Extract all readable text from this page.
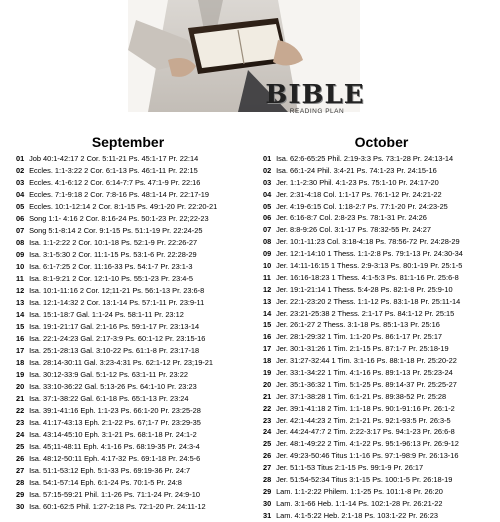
BIBLE
READING PLAN
September
01 Job 40:1-42:17 2 Cor. 5:11-21 Ps. 45:1-17 Pr. 22:14
02 Eccles. 1:1-3:22 2 Cor. 6:1-13 Ps. 46:1-11 Pr. 22:15
03 Eccles. 4:1-6:12 2 Cor. 6:14-7:7 Ps. 47:1-9 Pr. 22:16
04 Eccles. 7:1-9:18 2 Cor. 7:8-16 Ps. 48:1-14 Pr. 22:17-19
05 Eccles. 10:1-12:14 2 Cor. 8:1-15 Ps. 49:1-20 Pr. 22:20-21
06 Song 1:1- 4:16 2 Cor. 8:16-24 Ps. 50:1-23 Pr. 22;22-23
07 Song 5:1-8:14 2 Cor. 9:1-15 Ps. 51:1-19 Pr. 22:24-25
08 Isa. 1:1-2:22 2 Cor. 10:1-18 Ps. 52:1-9 Pr. 22:26-27
09 Isa. 3:1-5:30 2 Cor. 11:1-15 Ps. 53:1-6 Pr. 22:28-29
10 Isa. 6:1-7:25 2 Cor. 11:16-33 Ps. 54:1-7 Pr. 23:1-3
11 Isa. 8:1-9:21 2 Cor. 12:1-10 Ps. 55:1-23 Pr. 23:4-5
12 Isa. 10:1-11:16 2 Cor. 12;11-21 Ps. 56:1-13 Pr. 23:6-8
13 Isa. 12:1-14:32 2 Cor. 13:1-14 Ps. 57:1-11 Pr. 23:9-11
14 Isa. 15:1-18:7 Gal. 1:1-24 Ps. 58:1-11 Pr. 23:12
15 Isa. 19:1-21:17 Gal. 2:1-16 Ps. 59:1-17 Pr. 23:13-14
16 Isa. 22:1-24:23 Gal. 2:17-3:9 Ps. 60:1-12 Pr. 23:15-16
17 Isa. 25:1-28:13 Gal. 3:10-22 Ps. 61:1-8 Pr. 23:17-18
18 Isa. 28:14-30:11 Gal. 3:23-4:31 Ps. 62:1-12 Pr. 23;19-21
19 Isa. 30:12-33:9 Gal. 5:1-12 Ps. 63:1-11 Pr. 23:22
20 Isa. 33:10-36:22 Gal. 5:13-26 Ps. 64:1-10 Pr. 23:23
21 Isa. 37:1-38:22 Gal. 6:1-18 Ps. 65:1-13 Pr. 23:24
22 Isa. 39:1-41:16 Eph. 1:1-23 Ps. 66:1-20 Pr. 23:25-28
23 Isa. 41:17-43:13 Eph. 2:1-22 Ps. 67;1-7 Pr. 23:29-35
24 Isa. 43:14-45:10 Eph. 3:1-21 Ps. 68:1-18 Pr. 24:1-2
25 Isa. 45;11-48:11 Eph. 4:1-16 Ps. 68:19-35 Pr. 24:3-4
26 Isa. 48:12-50:11 Eph. 4:17-32 Ps. 69:1-18 Pr. 24:5-6
27 Isa. 51:1-53:12 Eph. 5:1-33 Ps. 69:19-36 Pr. 24:7
28 Isa. 54:1-57:14 Eph. 6:1-24 Ps. 70:1-5 Pr. 24:8
29 Isa. 57:15-59:21 Phil. 1:1-26 Ps. 71:1-24 Pr. 24:9-10
30 Isa. 60:1-62:5 Phil. 1:27-2:18 Ps. 72:1-20 Pr. 24:11-12
October
01 Isa. 62:6-65:25 Phil. 2:19-3:3 Ps. 73:1-28 Pr. 24:13-14
02 Isa. 66:1-24 Phil. 3:4-21 Ps. 74:1-23 Pr. 24:15-16
03 Jer. 1:1-2:30 Phil. 4:1-23 Ps. 75:1-10 Pr. 24:17-20
04 Jer. 2:31-4:18 Col. 1:1-17 Ps. 76:1-12 Pr. 24:21-22
05 Jer. 4:19-6:15 Col. 1:18-2:7 Ps. 77:1-20 Pr. 24:23-25
06 Jer. 6:16-8:7 Col. 2:8-23 Ps. 78:1-31 Pr. 24:26
07 Jer. 8:8-9:26 Col. 3:1-17 Ps. 78:32-55 Pr. 24:27
08 Jer. 10:1-11:23 Col. 3:18-4:18 Ps. 78:56-72 Pr. 24:28-29
09 Jer. 12:1-14:10 1 Thess. 1:1-2:8 Ps. 79:1-13 Pr. 24:30-34
10 Jer. 14:11-16:15 1 Thess. 2:9-3:13 Ps. 80:1-19 Pr. 25:1-5
11 Jer. 16:16-18:23 1 Thess. 4:1-5:3 Ps. 81:1-16 Pr. 25:6-8
12 Jer. 19:1-21:14 1 Thess. 5:4-28 Ps. 82:1-8 Pr. 25:9-10
13 Jer. 22:1-23:20 2 Thess. 1:1-12 Ps. 83:1-18 Pr. 25:11-14
14 Jer. 23:21-25:38 2 Thess. 2:1-17 Ps. 84:1-12 Pr. 25:15
15 Jer. 26:1-27 2 Thess. 3:1-18 Ps. 85:1-13 Pr. 25:16
16 Jer. 28:1-29:32 1 Tim. 1:1-20 Ps. 86:1-17 Pr. 25:17
17 Jer. 30:1-31:26 1 Tim. 2:1-15 Ps. 87:1-7 Pr. 25:18-19
18 Jer. 31:27-32:44 1 Tim. 3:1-16 Ps. 88:1-18 Pr. 25:20-22
19 Jer. 33:1-34:22 1 Tim. 4:1-16 Ps. 89:1-13 Pr. 25:23-24
20 Jer. 35:1-36:32 1 Tim. 5:1-25 Ps. 89:14-37 Pr. 25:25-27
21 Jer. 37:1-38:28 1 Tim. 6:1-21 Ps. 89:38-52 Pr. 25:28
22 Jer. 39:1-41:18 2 Tim. 1:1-18 Ps. 90:1-91:16 Pr. 26:1-2
23 Jer. 42:1-44:23 2 Tim. 2:1-21 Ps. 92:1-93:5 Pr. 26:3-5
24 Jer. 44:24-47:7 2 Tim. 2:22-3:17 Ps. 94:1-23 Pr. 26:6-8
25 Jer. 48:1-49:22 2 Tim. 4:1-22 Ps. 95:1-96:13 Pr. 26:9-12
26 Jer. 49:23-50:46 Titus 1:1-16 Ps. 97:1-98:9 Pr. 26:13-16
27 Jer. 51:1-53 Titus 2:1-15 Ps. 99:1-9 Pr. 26:17
28 Jer. 51:54-52:34 Titus 3:1-15 Ps. 100:1-5 Pr. 26:18-19
29 Lam. 1:1-2:22 Philem. 1:1-25 Ps. 101:1-8 Pr. 26:20
30 Lam. 3:1-66 Heb. 1:1-14 Ps. 102:1-28 Pr. 26:21-22
31 Lam. 4:1-5:22 Heb. 2:1-18 Ps. 103:1-22 Pr. 26:23
